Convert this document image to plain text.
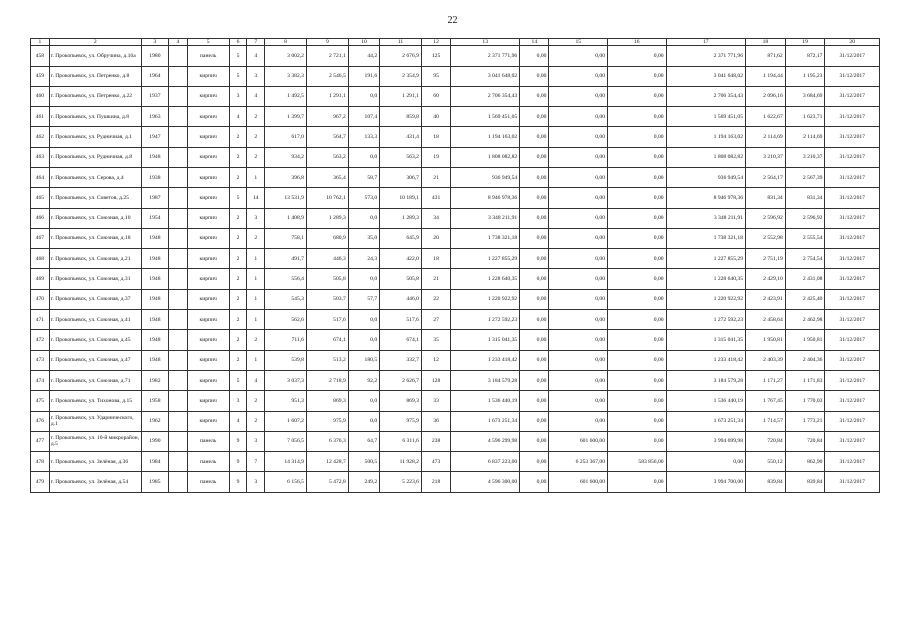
22
1	2	3	4	5	6	7	8	9	10	11	12	13	14	15	16	17	18	19	20
458	г. Прокопьевск, ул. Обручина, д.16а	1980		панель	5	4	3 002,2	2 721,1	44,2	2 676,9	125	2 371 771,96	0,00	0,00	0,00	2 371 771,96	871,62	872,17	31/12/2017
459	г. Прокопьевск, ул. Петренко, д.8	1964		кирпич	5	3	3 382,3	2 546,5	191,6	2 354,9	95	3 041 648,02	0,00	0,00	0,00	3 041 648,02	1 194,44	1 195,23	31/12/2017
460	г. Прокопьевск, ул. Петренко, д.22	1937		кирпич	3	4	1 492,5	1 291,1	0,0	1 291,1	60	2 706 354,43	0,00	0,00	0,00	2 706 354,43	2 096,16	3 684,69	31/12/2017
461	г. Прокопьевск, ул. Пушкина, д.8	1963		кирпич	4	2	1 399,7	967,2	107,4	859,8	40	1 569 451,05	0,00	0,00	0,00	1 569 451,05	1 622,67	1 623,71	31/12/2017
462	г. Прокопьевск, ул. Рудничная, д.1	1947		кирпич	2	2	617,0	564,7	133,3	431,4	18	1 194 163,02	0,00	0,00	0,00	1 194 163,02	2 114,69	2 114,69	31/12/2017
463	г. Прокопьевск, ул. Рудничная, д.8	1948		кирпич	2	2	934,2	563,2	0,0	563,2	19	1 808 082,82	0,00	0,00	0,00	1 808 082,82	3 210,37	3 210,37	31/12/2017
464	г. Прокопьевск, ул. Серова, д.4	1938		кирпич	2	1	396,8	365,4	58,7	306,7	21	936 949,54	0,00	0,00	0,00	936 949,54	2 564,17	2 567,39	31/12/2017
465	г. Прокопьевск, ул. Советов, д.25	1987		кирпич	5	14	13 531,9	10 762,1	573,0	10 189,1	431	8 946 978,36	0,00	0,00	0,00	8 946 978,36	831,34	831,34	31/12/2017
466	г. Прокопьевск, ул. Союзная, д.10	1954		кирпич	2	3	1 408,9	1 289,3	0,0	1 289,3	34	3 348 211,91	0,00	0,00	0,00	3 348 211,91	2 596,92	2 596,92	31/12/2017
467	г. Прокопьевск, ул. Союзная, д.18	1948		кирпич	2	2	758,1	680,9	35,0	645,9	20	1 738 321,18	0,00	0,00	0,00	1 738 321,18	2 552,98	2 555,54	31/12/2017
468	г. Прокопьевск, ул. Союзная, д.21	1948		кирпич	2	1	491,7	446,3	24,3	422,0	18	1 227 855,29	0,00	0,00	0,00	1 227 855,29	2 751,19	2 754,54	31/12/2017
469	г. Прокопьевск, ул. Союзная, д.31	1948		кирпич	2	1	556,4	505,8	0,0	505,8	21	1 228 640,35	0,00	0,00	0,00	1 228 640,35	2 429,10	2 431,08	31/12/2017
470	г. Прокопьевск, ул. Союзная, д.37	1948		кирпич	2	1	545,3	503,7	57,7	446,0	22	1 220 922,92	0,00	0,00	0,00	1 220 922,92	2 423,91	2 425,40	31/12/2017
471	г. Прокопьевск, ул. Союзная, д.41	1948		кирпич	2	1	562,6	517,6	0,0	517,6	27	1 272 592,23	0,00	0,00	0,00	1 272 592,23	2 458,64	2 462,98	31/12/2017
472	г. Прокопьевск, ул. Союзная, д.45	1948		кирпич	2	2	711,6	674,1	0,0	674,1	35	1 315 041,35	0,00	0,00	0,00	1 315 041,35	1 950,81	1 950,81	31/12/2017
473	г. Прокопьевск, ул. Союзная, д.47	1948		кирпич	2	1	539,8	513,2	180,5	332,7	12	1 233 418,42	0,00	0,00	0,00	1 233 418,42	2 403,39	2 404,36	31/12/2017
474	г. Прокопьевск, ул. Союзная, д.71	1982		кирпич	5	4	3 037,3	2 718,9	92,2	2 626,7	128	3 184 579,28	0,00	0,00	0,00	3 184 579,28	1 171,27	1 171,83	31/12/2017
475	г. Прокопьевск, ул. Тихонова, д.15	1958		кирпич	3	2	951,3	869,3	0,0	869,3	33	1 536 440,19	0,00	0,00	0,00	1 536 440,19	1 767,45	1 770,03	31/12/2017
476	г. Прокопьевск, ул. Ударнического, д.1	1962		кирпич	4	2	1 607,2	975,9	0,0	975,9	36	1 673 251,34	0,00	0,00	0,00	1 673 251,34	1 714,57	1 773,21	31/12/2017
477	г. Прокопьевск, ул. 10-й микрорайон, д.5	1990		панель	9	3	7 056,5	6 376,3	64,7	6 311,6	238	4 596 299,98	0,00	601 600,00	0,00	3 994 699,98	720,84	720,84	31/12/2017
478	г. Прокопьевск, ул. Зелёная, д.36	1984		панель	9	7	14 314,9	12 428,7	500,5	11 928,2	473	6 837 223,00	0,00	6 253 367,00	583 856,00	0,00	550,12	862,90	31/12/2017
479	г. Прокопьевск, ул. Зелёная, д.54	1985		панель	9	3	6 156,5	5 472,8	249,2	5 223,6	218	4 596 300,00	0,00	601 600,00	0,00	3 994 700,00	839,84	839,84	31/12/2017
